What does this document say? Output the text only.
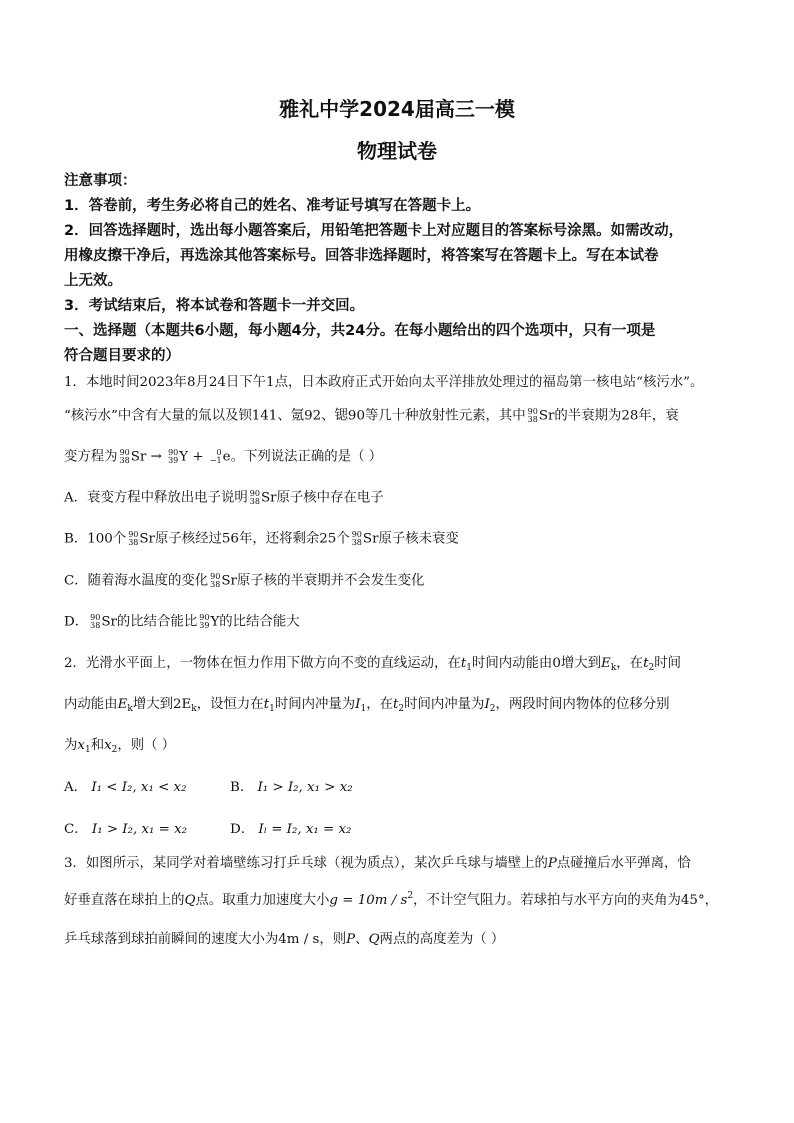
雅礼中学2024届高三一模
物理试卷
注意事项：
1．答卷前，考生务必将自己的姓名、准考证号填写在答题卡上。
2．回答选择题时，选出每小题答案后，用铅笔把答题卡上对应题目的答案标号涂黑。如需改动，
用橡皮擦干净后，再选涂其他答案标号。回答非选择题时，将答案写在答题卡上。写在本试卷
上无效。
3．考试结束后，将本试卷和答题卡一并交回。
一、选择题（本题共6小题，每小题4分，共24分。在每小题给出的四个选项中，只有一项是
符合题目要求的）
1．本地时间2023年8月24日下午1点，日本政府正式开始向太平洋排放处理过的福岛第一核电站“核污水”。
“核污水”中含有大量的氚以及钡141、氪92、锶90等几十种放射性元素，其中 90
38 Sr的半衰期为28年，衰
变方程为 90
38 Sr → 90
39 Y +	0
−1 e。下列说法正确的是（ ）
A．衰变方程中释放出电子说明 90
38 Sr原子核中存在电子
B．100个 90
38 Sr原子核经过56年，还将剩余25个 90
38 Sr原子核未衰变
C．随着海水温度的变化 90
38 Sr原子核的半衰期并不会发生变化
D． 90
38 Sr的比结合能比 90
39 Y的比结合能大
2．光滑水平面上，一物体在恒力作用下做方向不变的直线运动，在$t_1$时间内动能由0增大到$E_k$，在$t_2$时间
内动能由$E_k$增大到$2E_k$，设恒力在$t_1$时间内冲量为$I_1$，在$t_2$时间内冲量为$I_2$，两段时间内物体的位移分别
为$x_1$和$x_2$，则（ ）
A． I₁ < I₂, x₁ < x₂	B． I₁ > I₂, x₁ > x₂
C． I₁ > I₂, x₁ = x₂	D． Iₗ = I₂, x₁ = x₂
3．如图所示，某同学对着墙壁练习打乒乓球（视为质点），某次乒乓球与墙壁上的P点碰撞后水平弹离，恰
好垂直落在球拍上的Q点。取重力加速度大小$g = 10m / s^2$，不计空气阻力。若球拍与水平方向的夹角为45°，
乒乓球落到球拍前瞬间的速度大小为4m / s，则P、Q两点的高度差为（ ）
